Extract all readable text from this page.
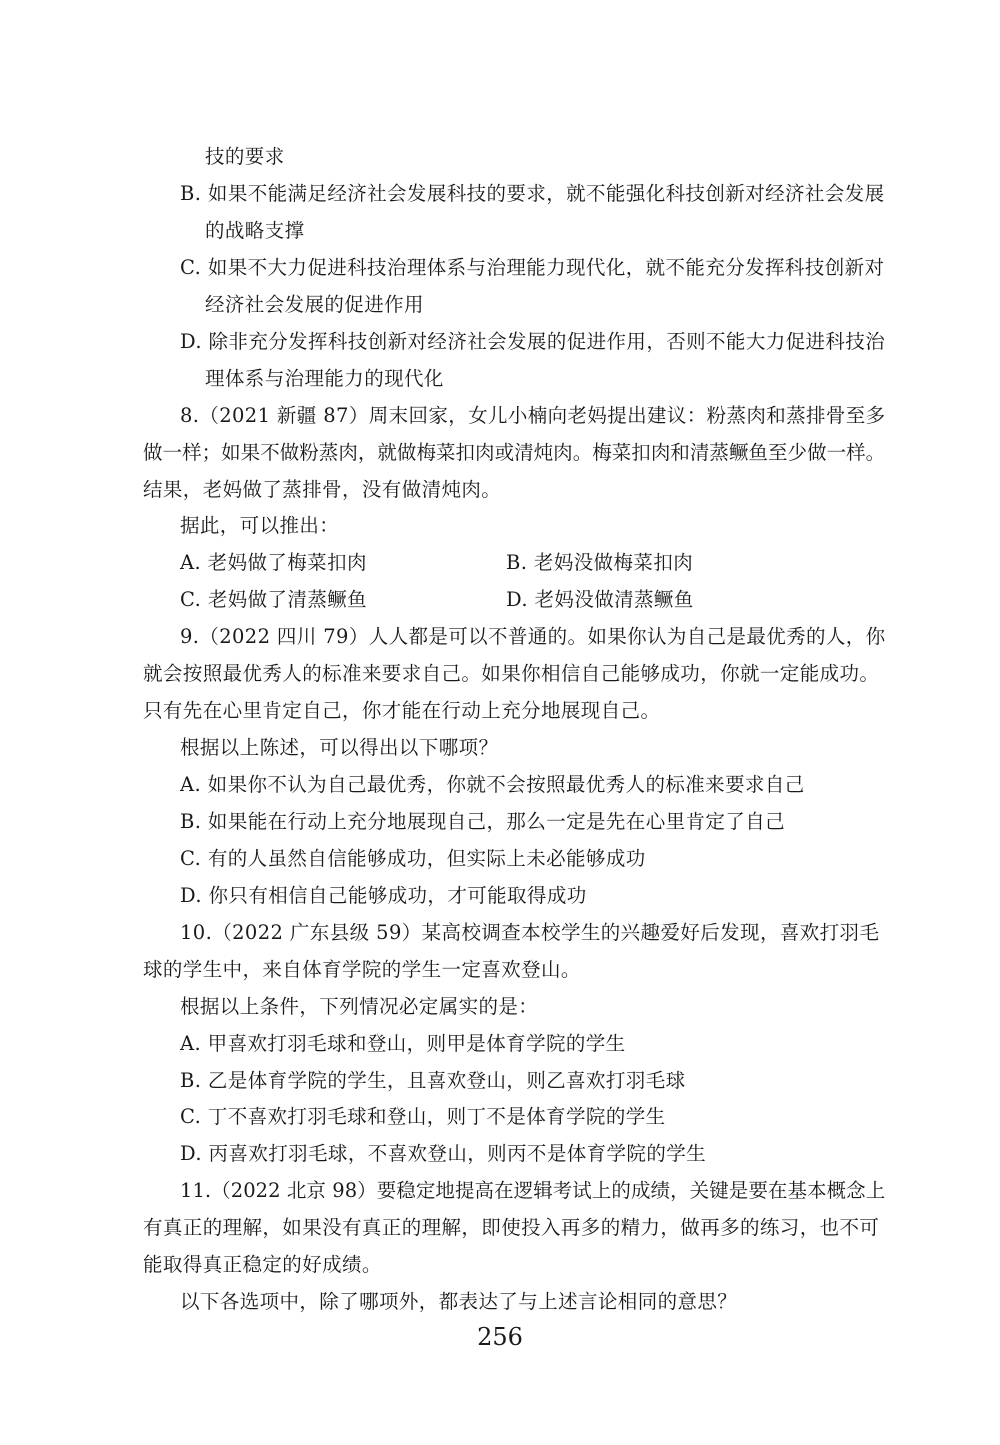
技的要求
B. 如果不能满足经济社会发展科技的要求，就不能强化科技创新对经济社会发展
的战略支撑
C. 如果不大力促进科技治理体系与治理能力现代化，就不能充分发挥科技创新对
经济社会发展的促进作用
D. 除非充分发挥科技创新对经济社会发展的促进作用，否则不能大力促进科技治
理体系与治理能力的现代化
8.（2021 新疆 87）周末回家，女儿小楠向老妈提出建议：粉蒸肉和蒸排骨至多
做一样；如果不做粉蒸肉，就做梅菜扣肉或清炖肉。梅菜扣肉和清蒸鳜鱼至少做一样。
结果，老妈做了蒸排骨，没有做清炖肉。
据此，可以推出：
A. 老妈做了梅菜扣肉	B. 老妈没做梅菜扣肉
C. 老妈做了清蒸鳜鱼	D. 老妈没做清蒸鳜鱼
9.（2022 四川 79）人人都是可以不普通的。如果你认为自己是最优秀的人，你
就会按照最优秀人的标准来要求自己。如果你相信自己能够成功，你就一定能成功。
只有先在心里肯定自己，你才能在行动上充分地展现自己。
根据以上陈述，可以得出以下哪项？
A. 如果你不认为自己最优秀，你就不会按照最优秀人的标准来要求自己
B. 如果能在行动上充分地展现自己，那么一定是先在心里肯定了自己
C. 有的人虽然自信能够成功，但实际上未必能够成功
D. 你只有相信自己能够成功，才可能取得成功
10.（2022 广东县级 59）某高校调查本校学生的兴趣爱好后发现，喜欢打羽毛
球的学生中，来自体育学院的学生一定喜欢登山。
根据以上条件，下列情况必定属实的是：
A. 甲喜欢打羽毛球和登山，则甲是体育学院的学生
B. 乙是体育学院的学生，且喜欢登山，则乙喜欢打羽毛球
C. 丁不喜欢打羽毛球和登山，则丁不是体育学院的学生
D. 丙喜欢打羽毛球，不喜欢登山，则丙不是体育学院的学生
11.（2022 北京 98）要稳定地提高在逻辑考试上的成绩，关键是要在基本概念上
有真正的理解，如果没有真正的理解，即使投入再多的精力，做再多的练习，也不可
能取得真正稳定的好成绩。
以下各选项中，除了哪项外，都表达了与上述言论相同的意思？
256
